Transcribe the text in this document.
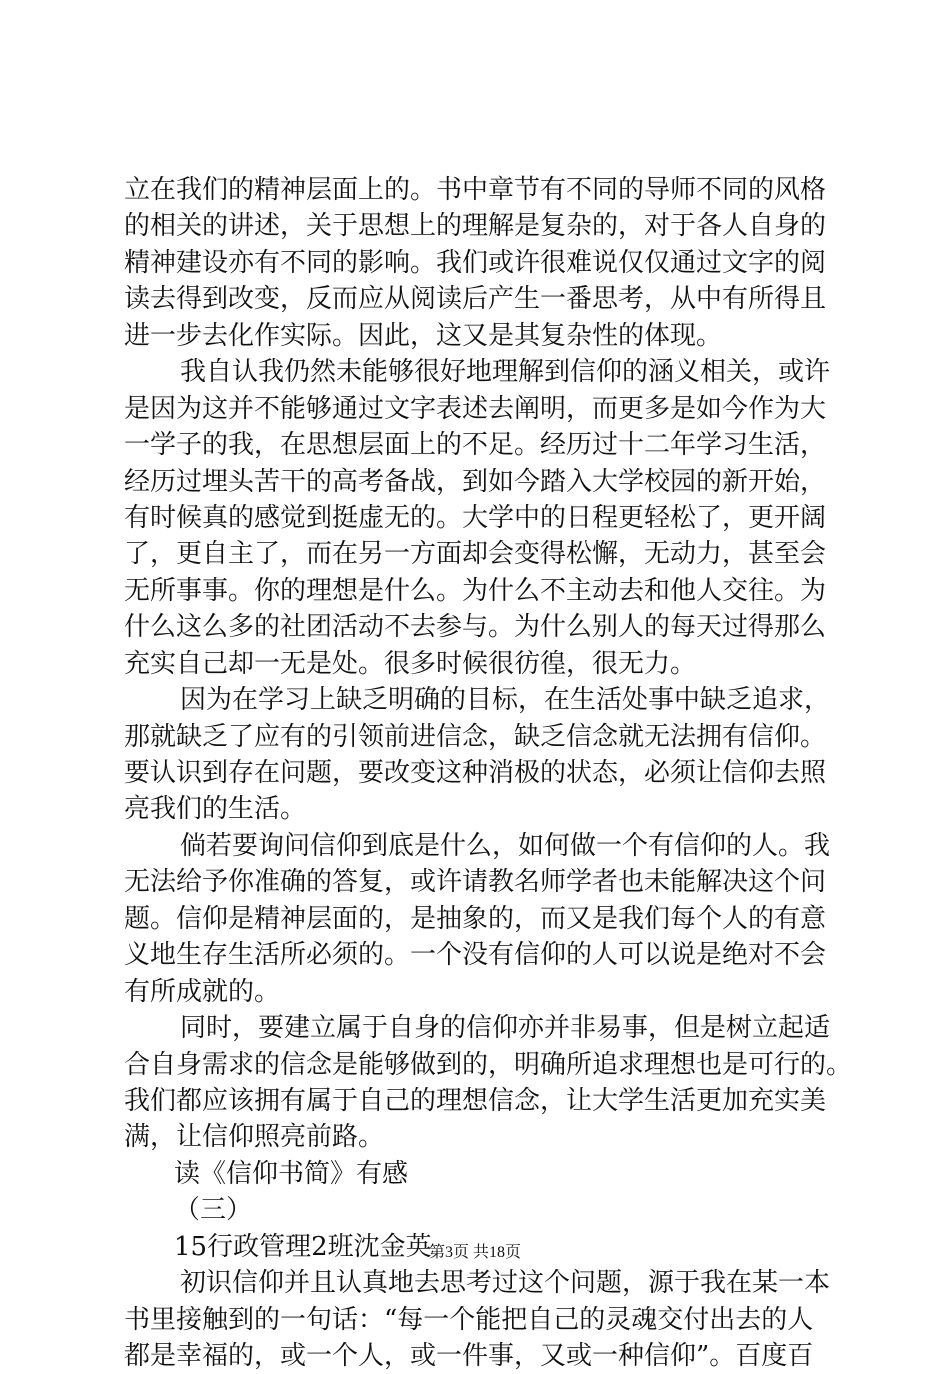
立在我们的精神层面上的。书中章节有不同的导师不同的风格
的相关的讲述，关于思想上的理解是复杂的，对于各人自身的
精神建设亦有不同的影响。我们或许很难说仅仅通过文字的阅
读去得到改变，反而应从阅读后产生一番思考，从中有所得且
进一步去化作实际。因此，这又是其复杂性的体现。
我自认我仍然未能够很好地理解到信仰的涵义相关，或许
是因为这并不能够通过文字表述去阐明，而更多是如今作为大
一学子的我，在思想层面上的不足。经历过十二年学习生活，
经历过埋头苦干的高考备战，到如今踏入大学校园的新开始，
有时候真的感觉到挺虚无的。大学中的日程更轻松了，更开阔
了，更自主了，而在另一方面却会变得松懈，无动力，甚至会
无所事事。你的理想是什么。为什么不主动去和他人交往。为
什么这么多的社团活动不去参与。为什么别人的每天过得那么
充实自己却一无是处。很多时候很彷徨，很无力。
因为在学习上缺乏明确的目标，在生活处事中缺乏追求，
那就缺乏了应有的引领前进信念，缺乏信念就无法拥有信仰。
要认识到存在问题，要改变这种消极的状态，必须让信仰去照
亮我们的生活。
倘若要询问信仰到底是什么，如何做一个有信仰的人。我
无法给予你准确的答复，或许请教名师学者也未能解决这个问
题。信仰是精神层面的，是抽象的，而又是我们每个人的有意
义地生存生活所必须的。一个没有信仰的人可以说是绝对不会
有所成就的。
同时，要建立属于自身的信仰亦并非易事，但是树立起适
合自身需求的信念是能够做到的，明确所追求理想也是可行的。
我们都应该拥有属于自己的理想信念，让大学生活更加充实美
满，让信仰照亮前路。
读《信仰书简》有感
（三）
15行政管理2班沈金英
初识信仰并且认真地去思考过这个问题，源于我在某一本
书里接触到的一句话：“每一个能把自己的灵魂交付出去的人
都是幸福的，或一个人，或一件事，又或一种信仰”。百度百
第3页 共18页
